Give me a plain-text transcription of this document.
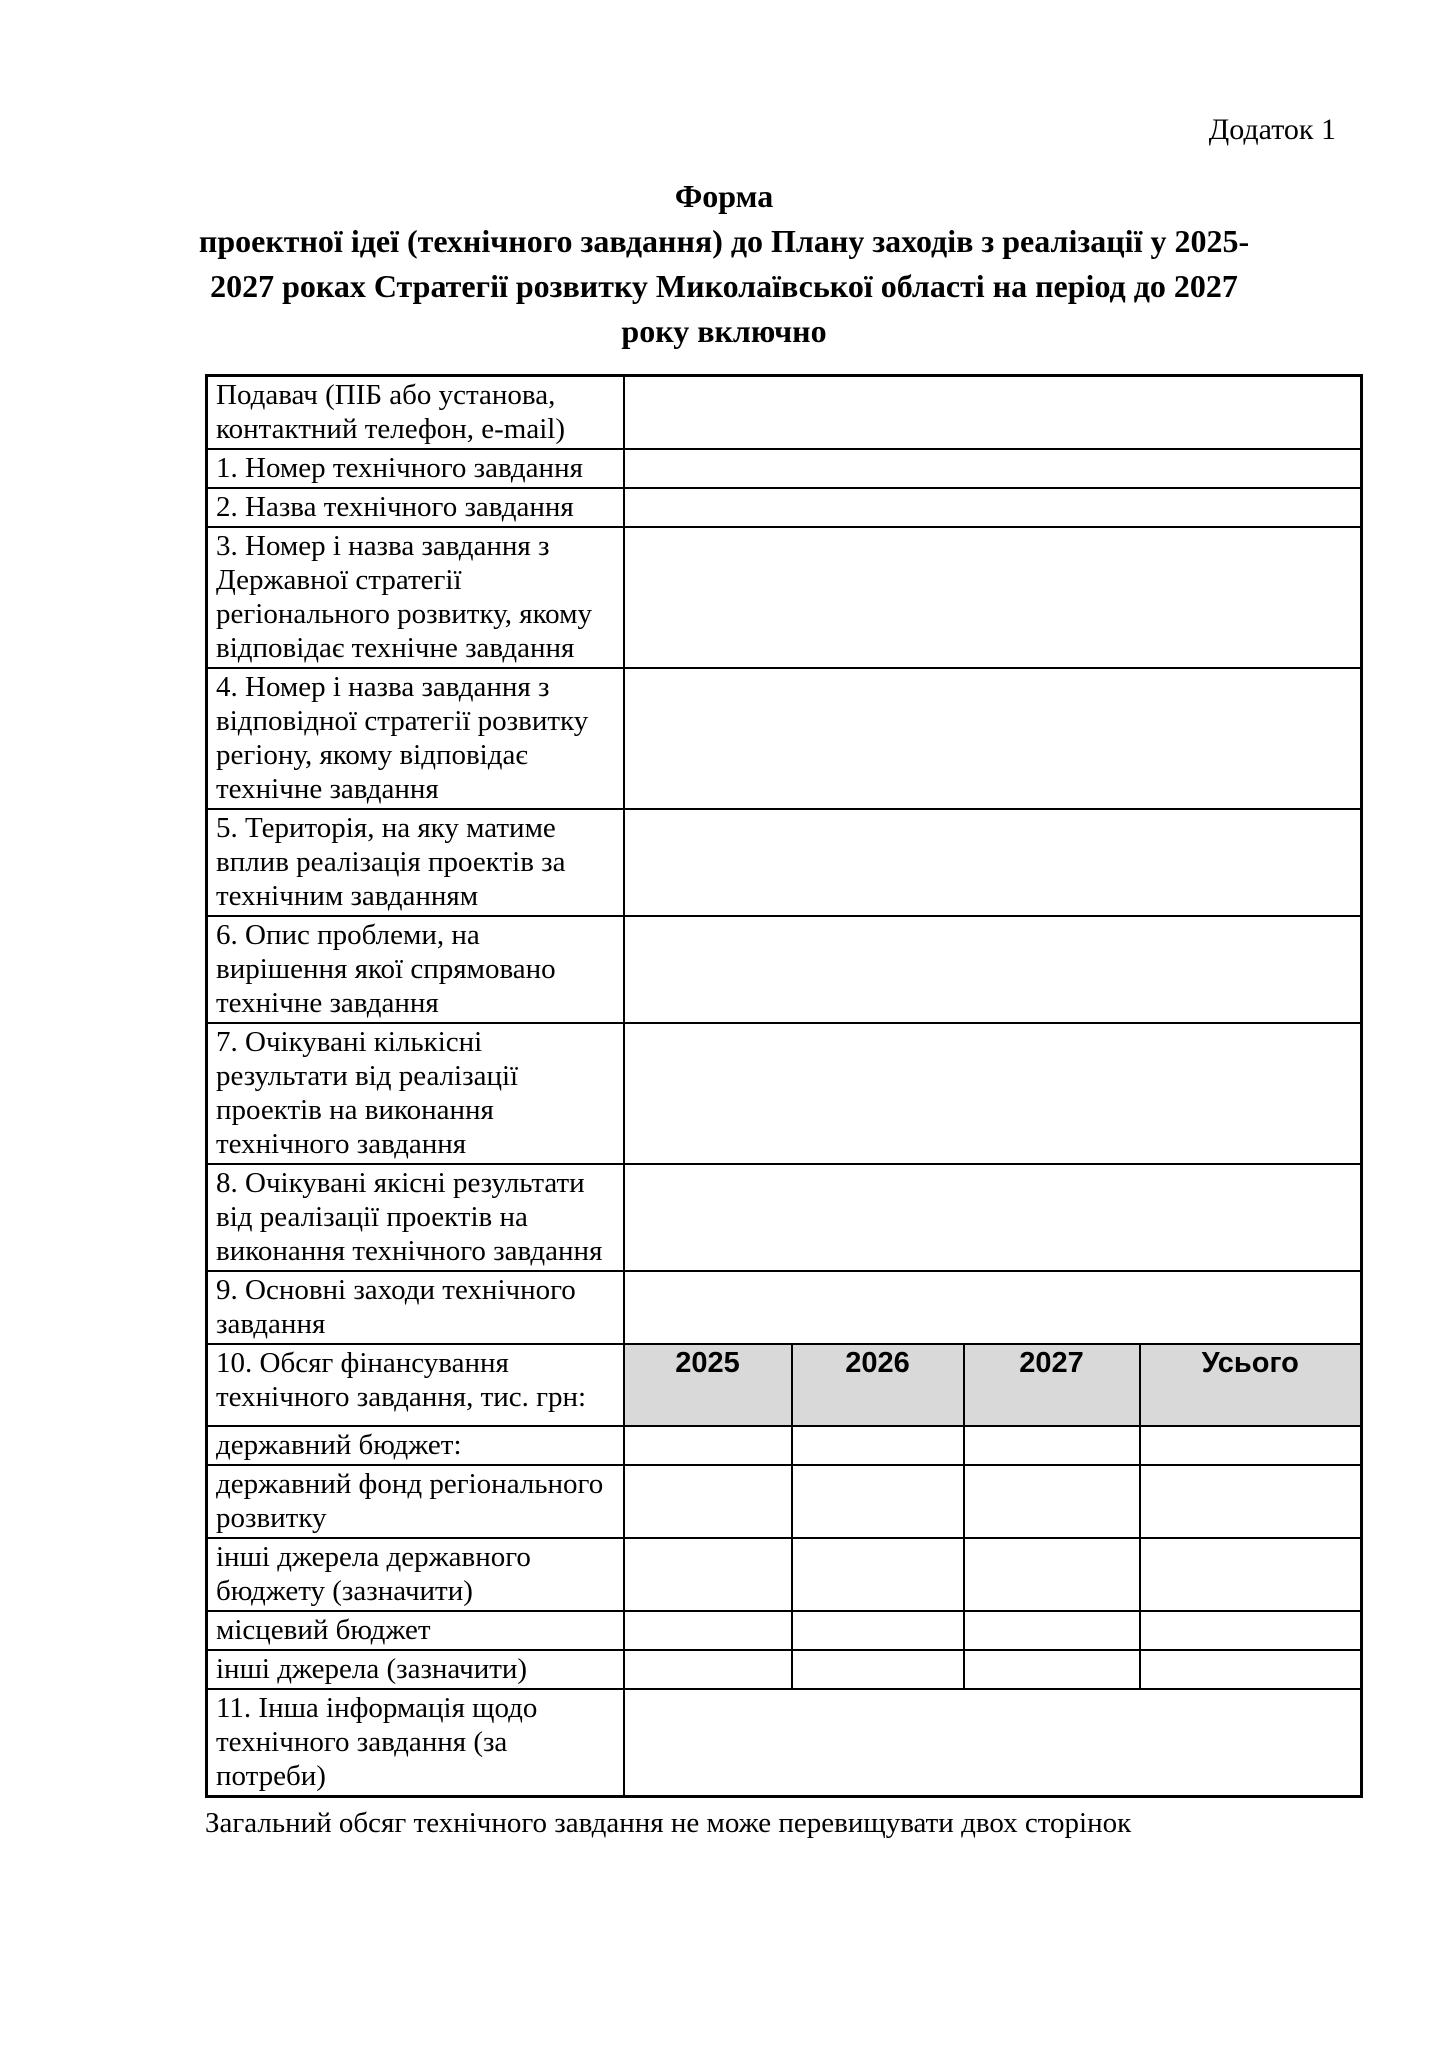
Додаток 1
Форма
проектної ідеї (технічного завдання) до Плану заходів з реалізації у 2025-
2027 роках Стратегії розвитку Миколаївської області на період до 2027
року включно
Подавач (ПІБ або установа, контактний телефон, e-mail)				
1. Номер технічного завдання				
2. Назва технічного завдання				
3. Номер і назва завдання з Державної стратегії регіонального розвитку, якому відповідає технічне завдання				
4. Номер і назва завдання з відповідної стратегії розвитку регіону, якому відповідає технічне завдання				
5. Територія, на яку матиме вплив реалізація проектів за технічним завданням				
6. Опис проблеми, на вирішення якої спрямовано технічне завдання				
7. Очікувані кількісні результати від реалізації проектів на виконання технічного завдання				
8. Очікувані якісні результати від реалізації проектів на виконання технічного завдання				
9. Основні заходи технічного завдання				
10. Обсяг фінансування технічного завдання, тис. грн:	2025	2026	2027	Усього
державний бюджет:				
державний фонд регіонального розвитку				
інші джерела державного бюджету (зазначити)				
місцевий бюджет				
інші джерела (зазначити)				
11. Інша інформація щодо технічного завдання (за потреби)				
Загальний обсяг технічного завдання не може перевищувати двох сторінок
